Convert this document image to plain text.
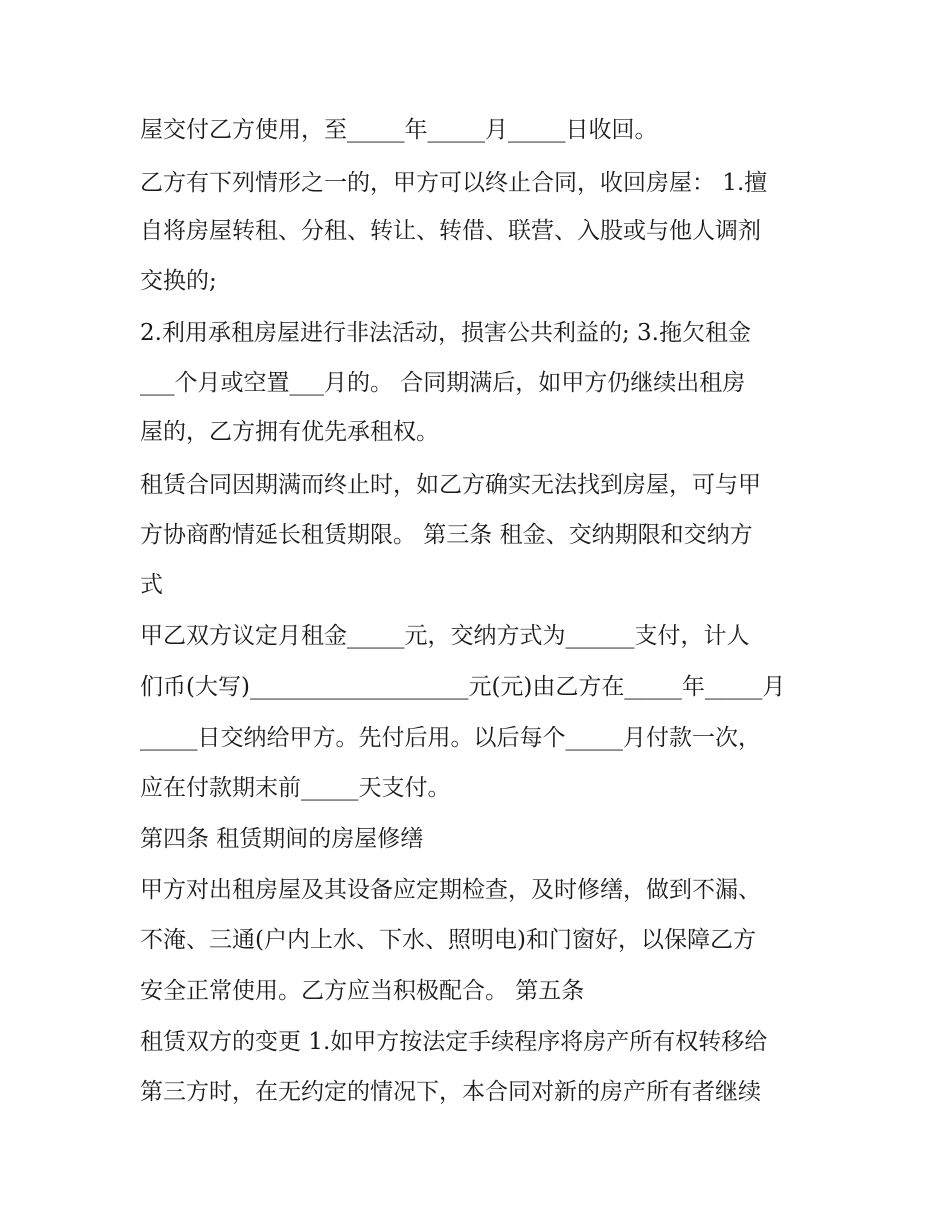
屋交付乙方使用，至_____年_____月_____日收回。
乙方有下列情形之一的，甲方可以终止合同，收回房屋： 1.擅
自将房屋转租、分租、转让、转借、联营、入股或与他人调剂
交换的;
2.利用承租房屋进行非法活动，损害公共利益的; 3.拖欠租金
___个月或空置___月的。 合同期满后，如甲方仍继续出租房
屋的，乙方拥有优先承租权。
租赁合同因期满而终止时，如乙方确实无法找到房屋，可与甲
方协商酌情延长租赁期限。 第三条 租金、交纳期限和交纳方
式
甲乙双方议定月租金_____元，交纳方式为______支付，计人
们币(大写)___________________元(元)由乙方在_____年_____月
_____日交纳给甲方。先付后用。以后每个_____月付款一次，
应在付款期末前_____天支付。
第四条 租赁期间的房屋修缮
甲方对出租房屋及其设备应定期检查，及时修缮，做到不漏、
不淹、三通(户内上水、下水、照明电)和门窗好，以保障乙方
安全正常使用。乙方应当积极配合。 第五条
租赁双方的变更 1.如甲方按法定手续程序将房产所有权转移给
第三方时，在无约定的情况下，本合同对新的房产所有者继续
